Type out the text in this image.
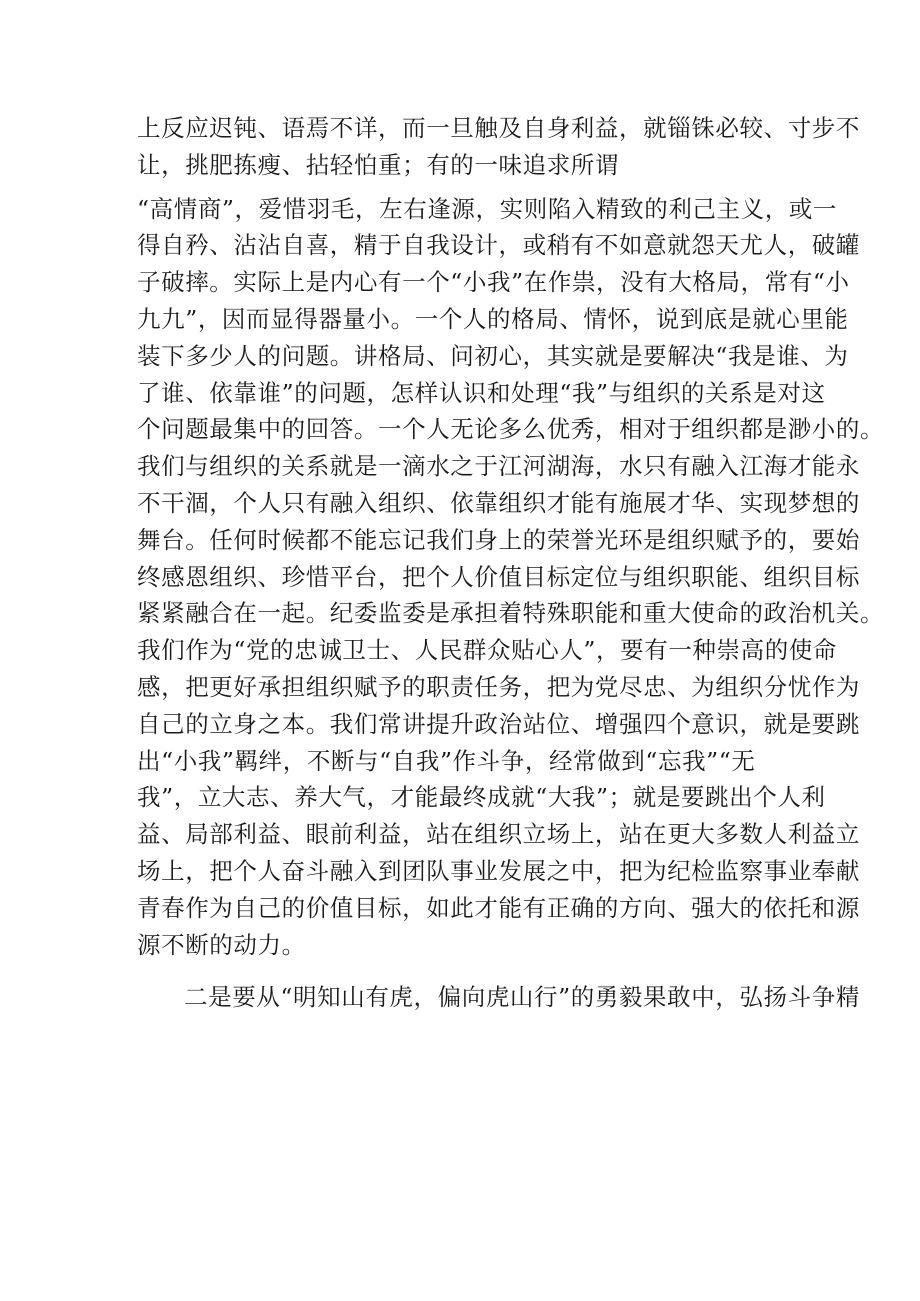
上反应迟钝、语焉不详，而一旦触及自身利益，就锱铢必较、寸步不
让，挑肥拣瘦、拈轻怕重；有的一味追求所谓
“高情商”，爱惜羽毛，左右逢源，实则陷入精致的利己主义，或一
得自矜、沾沾自喜，精于自我设计，或稍有不如意就怨天尤人，破罐
子破摔。实际上是内心有一个“小我”在作祟，没有大格局，常有“小
九九”，因而显得器量小。一个人的格局、情怀，说到底是就心里能
装下多少人的问题。讲格局、问初心，其实就是要解决“我是谁、为
了谁、依靠谁”的问题，怎样认识和处理“我”与组织的关系是对这
个问题最集中的回答。一个人无论多么优秀，相对于组织都是渺小的。
我们与组织的关系就是一滴水之于江河湖海，水只有融入江海才能永
不干涸，个人只有融入组织、依靠组织才能有施展才华、实现梦想的
舞台。任何时候都不能忘记我们身上的荣誉光环是组织赋予的，要始
终感恩组织、珍惜平台，把个人价值目标定位与组织职能、组织目标
紧紧融合在一起。纪委监委是承担着特殊职能和重大使命的政治机关。
我们作为“党的忠诚卫士、人民群众贴心人”，要有一种崇高的使命
感，把更好承担组织赋予的职责任务，把为党尽忠、为组织分忧作为
自己的立身之本。我们常讲提升政治站位、增强四个意识，就是要跳
出“小我”羁绊，不断与“自我”作斗争，经常做到“忘我”“无
我”，立大志、养大气，才能最终成就“大我”；就是要跳出个人利
益、局部利益、眼前利益，站在组织立场上，站在更大多数人利益立
场上，把个人奋斗融入到团队事业发展之中，把为纪检监察事业奉献
青春作为自己的价值目标，如此才能有正确的方向、强大的依托和源
源不断的动力。
二是要从“明知山有虎，偏向虎山行”的勇毅果敢中，弘扬斗争精
